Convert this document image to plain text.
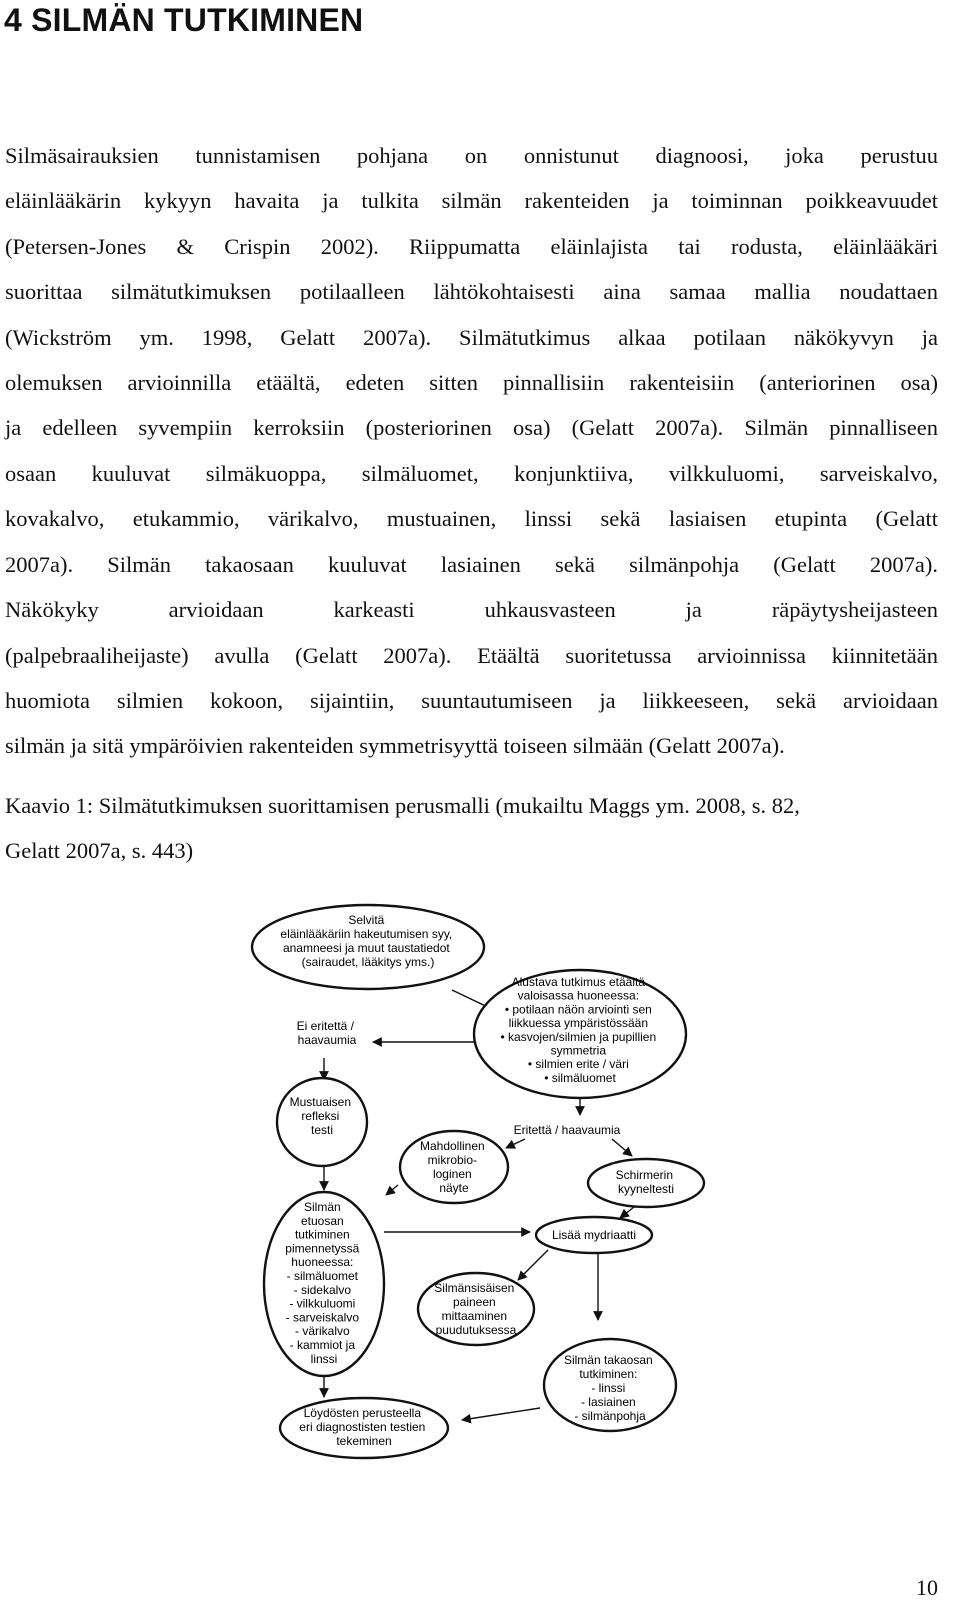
4 SILMÄN TUTKIMINEN

Silmäsairauksien tunnistamisen pohjana on onnistunut diagnoosi, joka perustuu

eläinlääkärin kykyyn havaita ja tulkita silmän rakenteiden ja toiminnan poikkeavuudet

(Petersen-Jones & Crispin 2002). Riippumatta eläinlajista tai rodusta, eläinlääkäri

suorittaa silmätutkimuksen potilaalleen lähtökohtaisesti aina samaa mallia noudattaen

(Wickström ym. 1998, Gelatt 2007a). Silmätutkimus alkaa potilaan näkökyvyn ja

olemuksen arvioinnilla etäältä, edeten sitten pinnallisiin rakenteisiin (anteriorinen osa)

ja edelleen syvempiin kerroksiin (posteriorinen osa) (Gelatt 2007a). Silmän pinnalliseen

osaan kuuluvat silmäkuoppa, silmäluomet, konjunktiiva, vilkkuluomi, sarveiskalvo,

kovakalvo, etukammio, värikalvo, mustuainen, linssi sekä lasiaisen etupinta (Gelatt

2007a). Silmän takaosaan kuuluvat lasiainen sekä silmänpohja (Gelatt 2007a).

Näkökyky arvioidaan karkeasti uhkausvasteen ja räpäytysheijasteen

(palpebraaliheijaste) avulla (Gelatt 2007a). Etäältä suoritetussa arvioinnissa kiinnitetään

huomiota silmien kokoon, sijaintiin, suuntautumiseen ja liikkeeseen, sekä arvioidaan

silmän ja sitä ympäröivien rakenteiden symmetrisyyttä toiseen silmään (Gelatt 2007a).

Kaavio 1: Silmätutkimuksen suorittamisen perusmalli (mukailtu Maggs ym. 2008, s. 82,

Gelatt 2007a, s. 443)

Selvitä eläinlääkäriin hakeutumisen syy, anamneesi ja muut taustatiedot (sairaudet, lääkitys yms.)
Alustava tutkimus etäältä valoisassa huoneessa: • potilaan näön arviointi sen liikkuessa ympäristössään • kasvojen/silmien ja pupillien symmetria • silmien erite / väri • silmäluomet
Ei eritettä / haavaumia
Mustuaisen refleksi testi	Eritettä / haavaumia
Mahdollinen mikrobio- loginen näyte
Schirmerin kyyneltesti
Silmän etuosan tutkiminen pimennetyssä huoneessa: - silmäluomet - sidekalvo - vilkkuluomi - sarveiskalvo - värikalvo - kammiot ja linssi
Lisää mydriaatti
Silmänsisäisen paineen mittaaminen puudutuksessa
Silmän takaosan tutkiminen: - linssi - lasiainen - silmänpohja
Löydösten perusteella eri diagnostisten testien tekeminen
10
